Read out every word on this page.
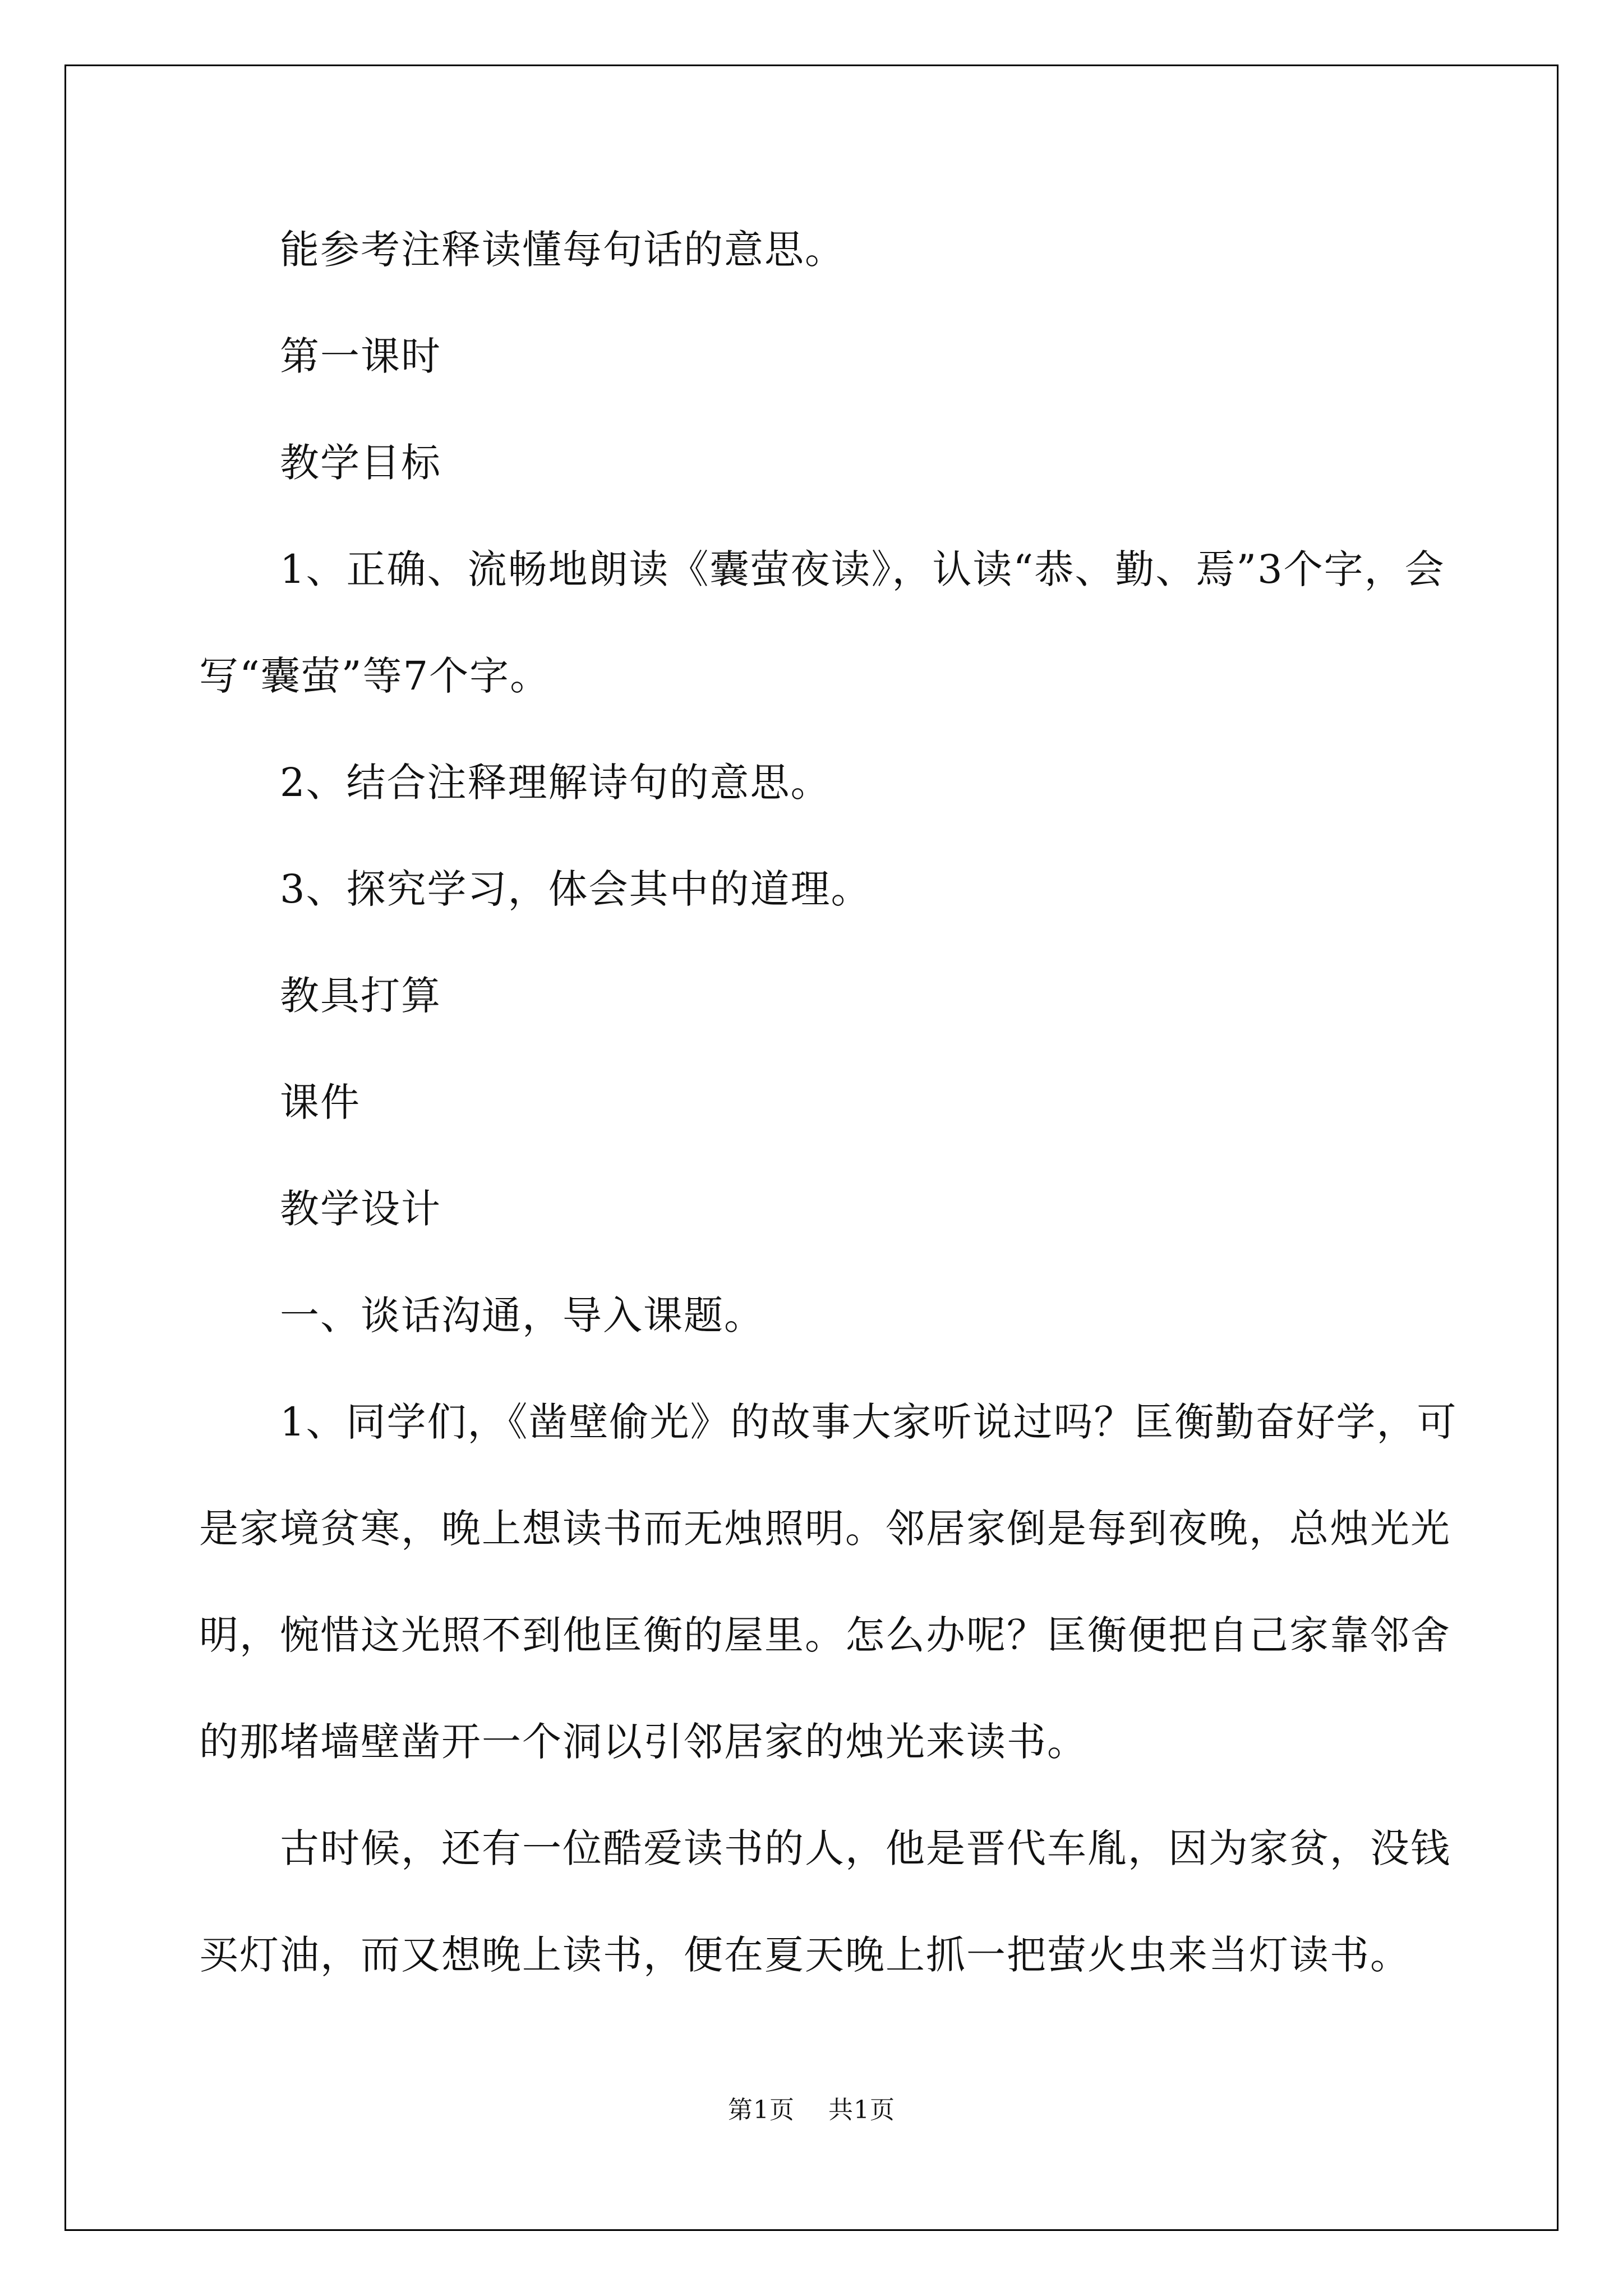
能参考注释读懂每句话的意思。

第一课时

教学目标

1、正确、流畅地朗读《囊萤夜读》，认读“恭、勤、焉”3个字，会写“囊萤”等7个字。

2、结合注释理解诗句的意思。

3、探究学习，体会其中的道理。

教具打算

课件

教学设计

一、谈话沟通，导入课题。

1、同学们，《凿壁偷光》的故事大家听说过吗？匡衡勤奋好学，可是家境贫寒，晚上想读书而无烛照明。邻居家倒是每到夜晚，总烛光光明，惋惜这光照不到他匡衡的屋里。怎么办呢？匡衡便把自己家靠邻舍的那堵墙壁凿开一个洞以引邻居家的烛光来读书。

古时候，还有一位酷爱读书的人，他是晋代车胤，因为家贫，没钱买灯油，而又想晚上读书，便在夏天晚上抓一把萤火虫来当灯读书。

第1页    共1页
